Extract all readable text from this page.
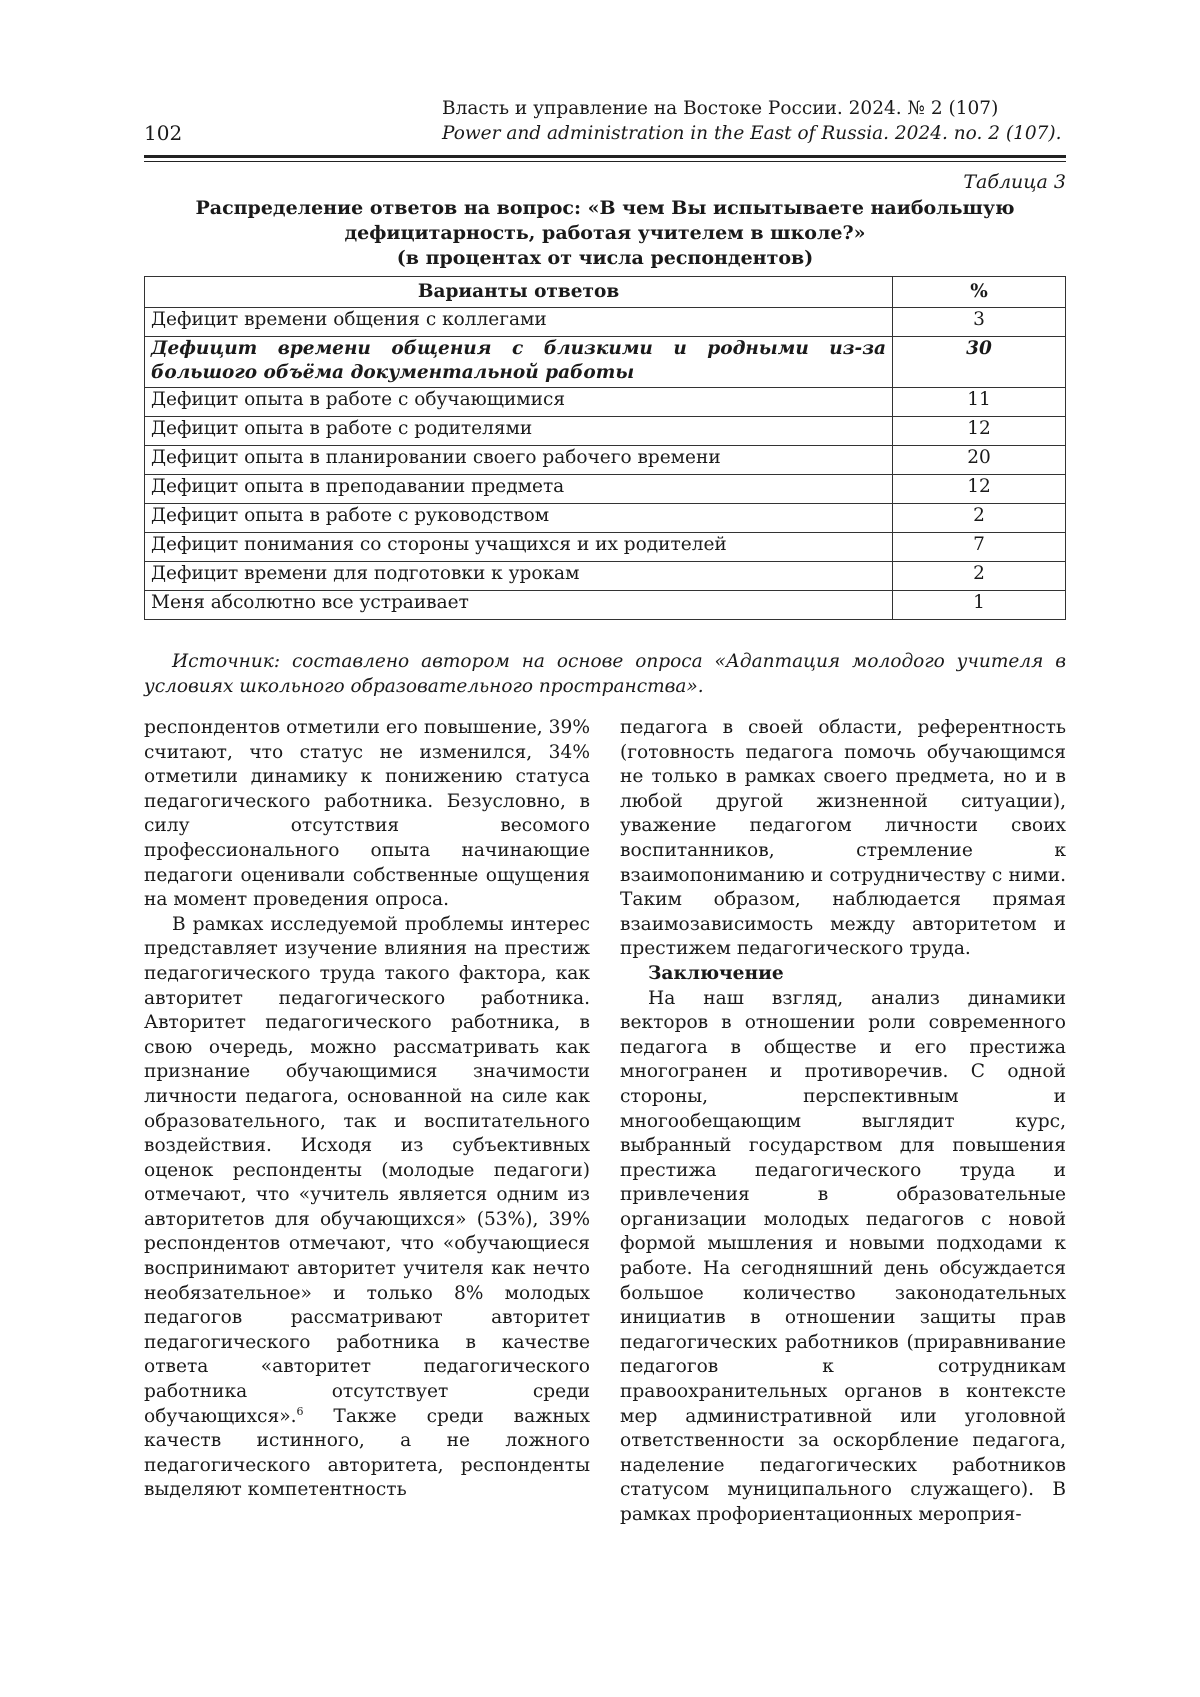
102
Власть и управление на Востоке России. 2024. № 2 (107)
Power and administration in the East of Russia. 2024. no. 2 (107).
Таблица 3
Распределение ответов на вопрос: «В чем Вы испытываете наибольшую
дефицитарность, работая учителем в школе?»
(в процентах от числа респондентов)
Варианты ответов	%
Дефицит времени общения с коллегами	3
Дефицит времени общения с близкими и родными из-за большого объёма документальной работы	30
Дефицит опыта в работе с обучающимися	11
Дефицит опыта в работе с родителями	12
Дефицит опыта в планировании своего рабочего времени	20
Дефицит опыта в преподавании предмета	12
Дефицит опыта в работе с руководством	2
Дефицит понимания со стороны учащихся и их родителей	7
Дефицит времени для подготовки к урокам	2
Меня абсолютно все устраивает	1
Источник: составлено автором на основе опроса «Адаптация молодого учителя в условиях школьного образовательного пространства».

респондентов отметили его повышение, 39% считают, что статус не изменился, 34% отметили динамику к понижению статуса педагогического работника. Безусловно, в силу отсутствия весомого профессионального опыта начинающие педагоги оценивали собственные ощущения на момент проведения опроса.

В рамках исследуемой проблемы интерес представляет изучение влияния на престиж педагогического труда такого фактора, как авторитет педагогического работника. Авторитет педагогического работника, в свою очередь, можно рассматривать как признание обучающимися значимости личности педагога, основанной на силе как образовательного, так и воспитательного воздействия. Исходя из субъективных оценок респонденты (молодые педагоги) отмечают, что «учитель является одним из авторитетов для обучающихся» (53%), 39% респондентов отмечают, что «обучающиеся воспринимают авторитет учителя как нечто необязательное» и только 8% молодых педагогов рассматривают авторитет педагогического работника в качестве ответа «авторитет педагогического работника отсутствует среди обучающихся».$^6$ Также среди важных качеств истинного, а не ложного педагогического авторитета, респонденты выделяют компетентность

педагога в своей области, референтность (готовность педагога помочь обучающимся не только в рамках своего предмета, но и в любой другой жизненной ситуации), уважение педагогом личности своих воспитанников, стремление к взаимопониманию и сотрудничеству с ними. Таким образом, наблюдается прямая взаимозависимость между авторитетом и престижем педагогического труда.

Заключение

На наш взгляд, анализ динамики векторов в отношении роли современного педагога в обществе и его престижа многогранен и противоречив. С одной стороны, перспективным и многообещающим выглядит курс, выбранный государством для повышения престижа педагогического труда и привлечения в образовательные организации молодых педагогов с новой формой мышления и новыми подходами к работе. На сегодняшний день обсуждается большое количество законодательных инициатив в отношении защиты прав педагогических работников (приравнивание педагогов к сотрудникам правоохранительных органов в контексте мер административной или уголовной ответственности за оскорбление педагога, наделение педагогических работников статусом муниципального служащего). В рамках профориентационных мероприя-
